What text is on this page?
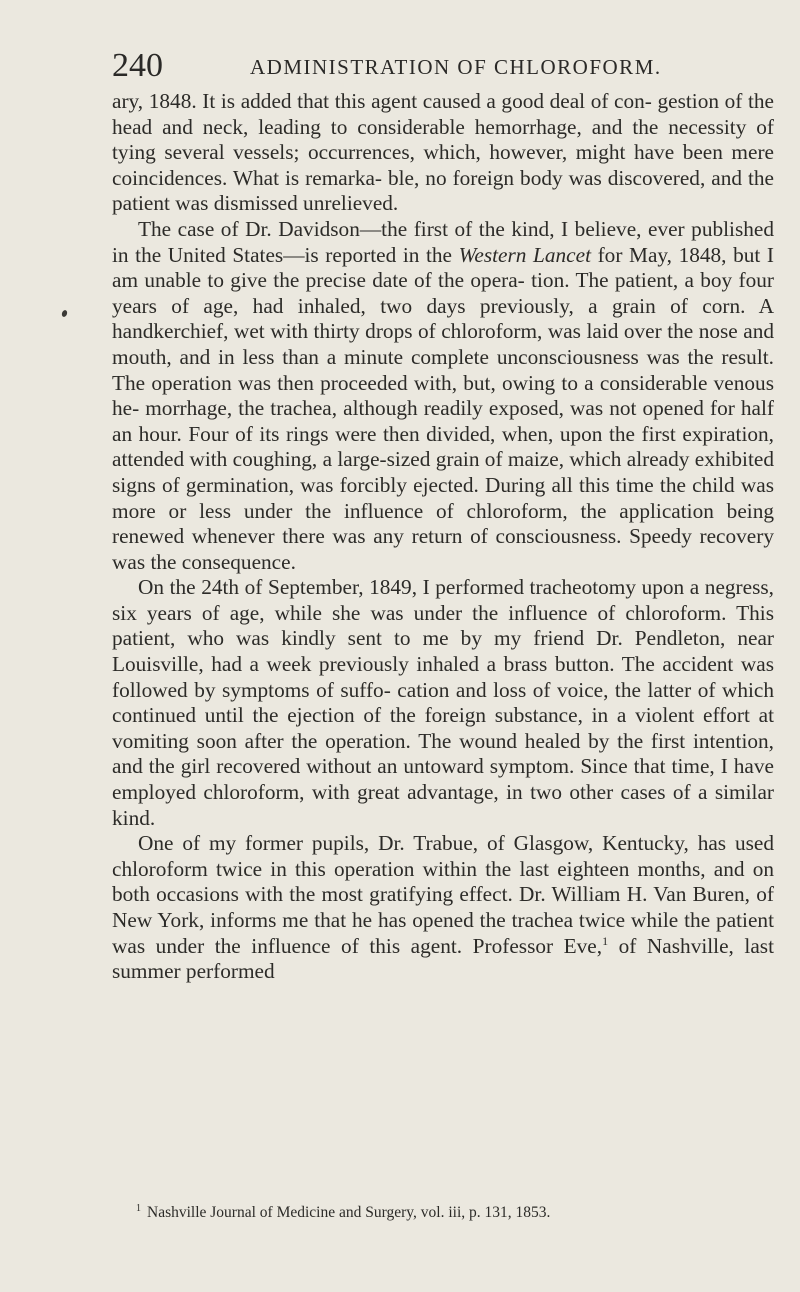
240	ADMINISTRATION OF CHLOROFORM.

ary, 1848. It is added that this agent caused a good deal of con- gestion of the head and neck, leading to considerable hemorrhage, and the necessity of tying several vessels; occurrences, which, however, might have been mere coincidences. What is remarka- ble, no foreign body was discovered, and the patient was dismissed unrelieved.

The case of Dr. Davidson—the first of the kind, I believe, ever published in the United States—is reported in the Western Lancet for May, 1848, but I am unable to give the precise date of the opera- tion. The patient, a boy four years of age, had inhaled, two days previously, a grain of corn. A handkerchief, wet with thirty drops of chloroform, was laid over the nose and mouth, and in less than a minute complete unconsciousness was the result. The operation was then proceeded with, but, owing to a considerable venous he- morrhage, the trachea, although readily exposed, was not opened for half an hour. Four of its rings were then divided, when, upon the first expiration, attended with coughing, a large-sized grain of maize, which already exhibited signs of germination, was forcibly ejected. During all this time the child was more or less under the influence of chloroform, the application being renewed whenever there was any return of consciousness. Speedy recovery was the consequence.

On the 24th of September, 1849, I performed tracheotomy upon a negress, six years of age, while she was under the influence of chloroform. This patient, who was kindly sent to me by my friend Dr. Pendleton, near Louisville, had a week previously inhaled a brass button. The accident was followed by symptoms of suffo- cation and loss of voice, the latter of which continued until the ejection of the foreign substance, in a violent effort at vomiting soon after the operation. The wound healed by the first intention, and the girl recovered without an untoward symptom. Since that time, I have employed chloroform, with great advantage, in two other cases of a similar kind.

One of my former pupils, Dr. Trabue, of Glasgow, Kentucky, has used chloroform twice in this operation within the last eighteen months, and on both occasions with the most gratifying effect. Dr. William H. Van Buren, of New York, informs me that he has opened the trachea twice while the patient was under the influence of this agent. Professor Eve,$^1$ of Nashville, last summer performed

$^1$ Nashville Journal of Medicine and Surgery, vol. iii, p. 131, 1853.
